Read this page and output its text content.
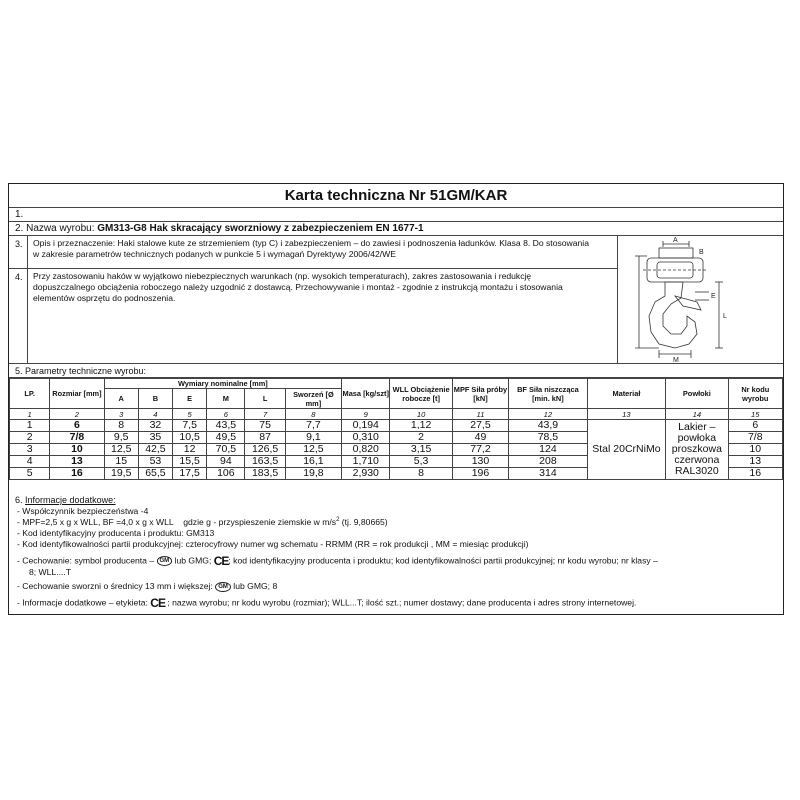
Karta techniczna Nr 51GM/KAR
1.
2. Nazwa wyrobu: GM313-G8 Hak skracający sworzniowy z zabezpieczeniem EN 1677-1
3. Opis i przeznaczenie: Haki stalowe kute ze strzemieniem (typ C) i zabezpieczeniem – do zawiesi i podnoszenia ładunków. Klasa 8. Do stosowania w zakresie parametrów technicznych podanych w punkcie 5 i wymagań Dyrektywy 2006/42/WE
4. Przy zastosowaniu haków w wyjątkowo niebezpiecznych warunkach (np. wysokich temperaturach), zakres zastosowania i redukcję dopuszczalnego obciążenia roboczego należy uzgodnić z dostawcą. Przechowywanie i montaż - zgodnie z instrukcją montażu i stosowania elementów osprzętu do podnoszenia.
A
B
E
L
M
5. Parametry techniczne wyrobu:
LP.	Rozmiar [mm]	Wymiary nominalne [mm]						Masa [kg/szt]	WLL Obciążenie robocze [t]	MPF Siła próby [kN]	BF Siła niszcząca [min. kN]	Materiał	Powłoki	Nr kodu wyrobu
		A	B	E	M	L	Sworzeń [Ø mm]							
1	2	3	4	5	6	7	8	9	10	11	12	13	14	15
1	6	8	32	7,5	43,5	75	7,7	0,194	1,12	27,5	43,9	Stal 20CrNiMo	Lakier – powłoka proszkowa czerwona RAL3020	6
2	7/8	9,5	35	10,5	49,5	87	9,1	0,310	2	49	78,5			7/8
3	10	12,5	42,5	12	70,5	126,5	12,5	0,820	3,15	77,2	124			10
4	13	15	53	15,5	94	163,5	16,1	1,710	5,3	130	208			13
5	16	19,5	65,5	17,5	106	183,5	19,8	2,930	8	196	314			16
6. Informacje dodatkowe:
- Współczynnik bezpieczeństwa -4
- MPF=2,5 x g x WLL, BF =4,0 x g x WLL gdzie g - przyspieszenie ziemskie w $m/s^2$ (tj. 9,80665)
- Kod identyfikacyjny producenta i produktu: GM313
- Kod identyfikowalności partii produkcyjnej: czterocyfrowy numer wg schematu - RRMM (RR = rok produkcji , MM = miesiąc produkcji)
- Cechowanie: symbol producenta – GM lub GMG; CE; kod identyfikacyjny producenta i produktu; kod identyfikowalności partii produkcyjnej; nr kodu wyrobu; nr klasy –
8; WLL....T
- Cechowanie sworzni o średnicy 13 mm i większej: GM lub GMG; 8
- Informacje dodatkowe – etykieta: CE ; nazwa wyrobu; nr kodu wyrobu (rozmiar); WLL...T; ilość szt.; numer dostawy; dane producenta i adres strony internetowej.
